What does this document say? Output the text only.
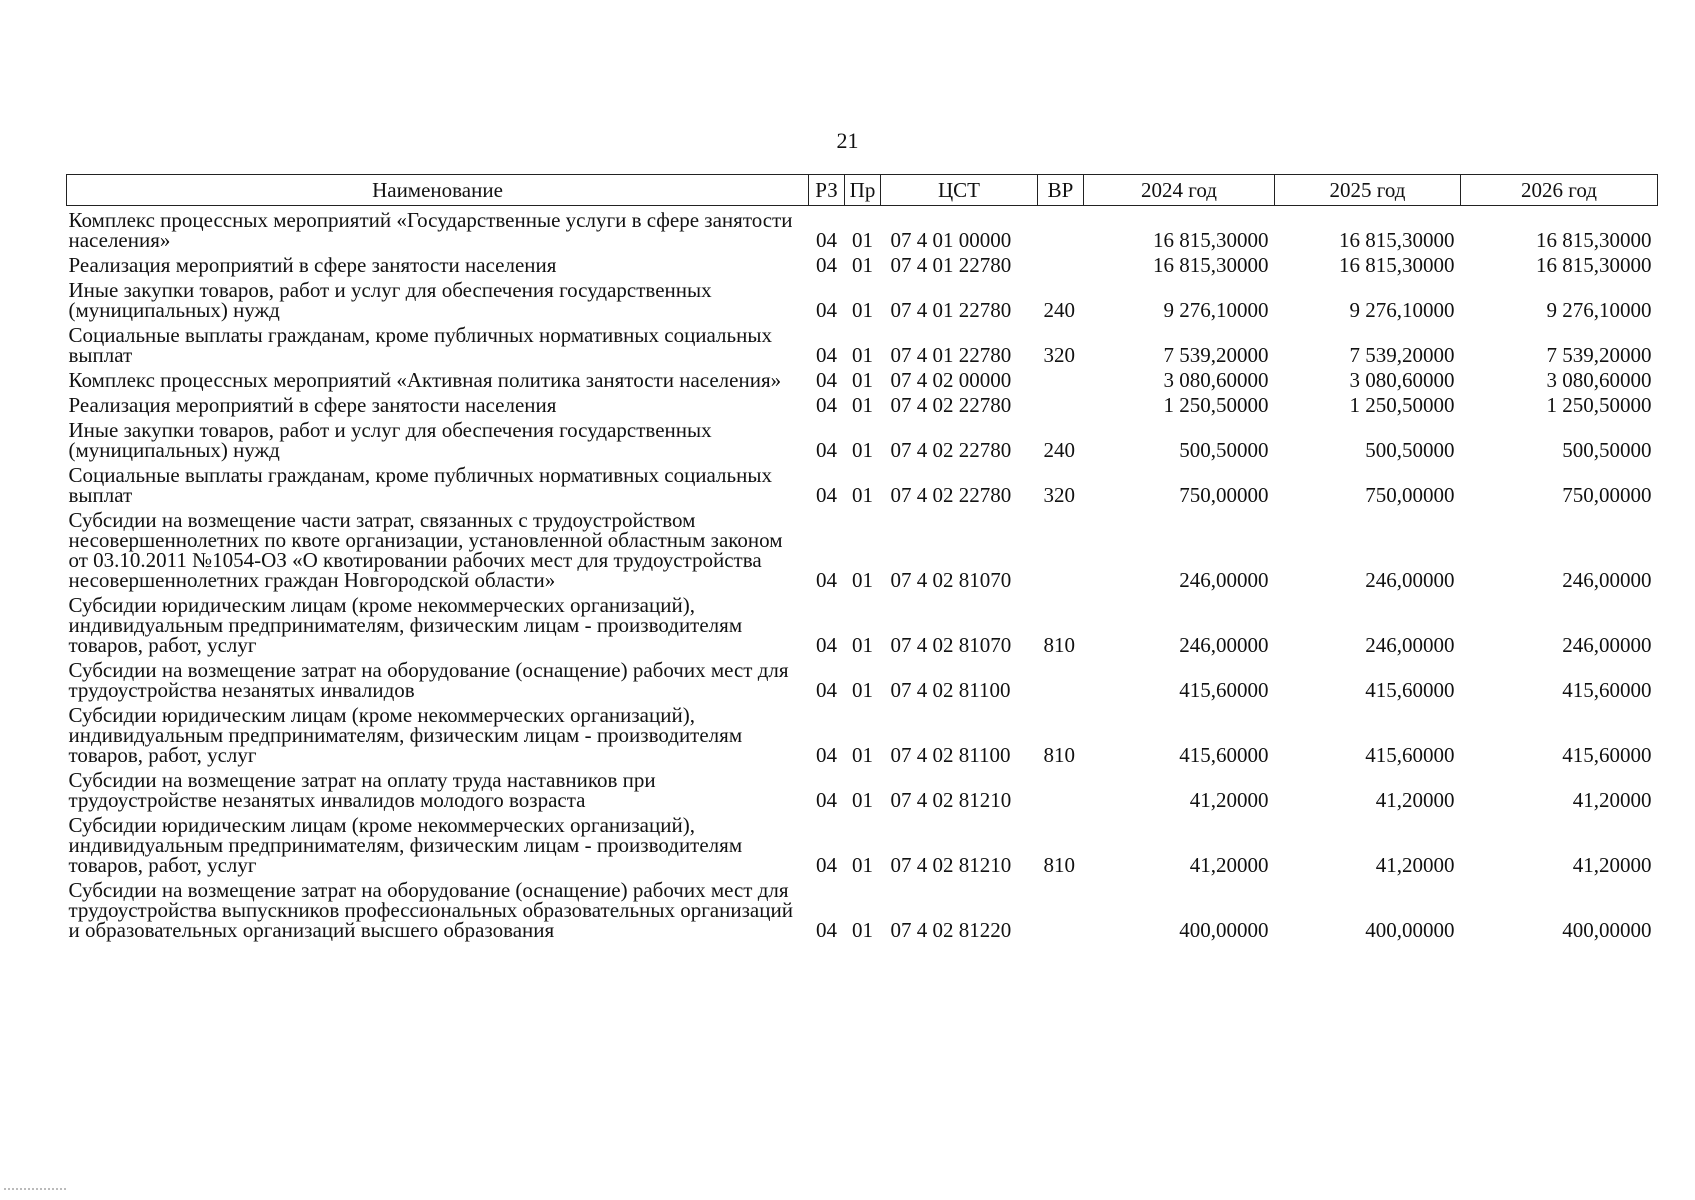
21
Наименование	РЗ	Пр	ЦСТ	ВР	2024 год	2025 год	2026 год
Комплекс процессных мероприятий «Государственные услуги в сфере занятости населения»	04	01	07 4 01 00000		16 815,30000	16 815,30000	16 815,30000
Реализация мероприятий в сфере занятости населения	04	01	07 4 01 22780		16 815,30000	16 815,30000	16 815,30000
Иные закупки товаров, работ и услуг для обеспечения государственных (муниципальных) нужд	04	01	07 4 01 22780	240	9 276,10000	9 276,10000	9 276,10000
Социальные выплаты гражданам, кроме публичных нормативных социальных выплат	04	01	07 4 01 22780	320	7 539,20000	7 539,20000	7 539,20000
Комплекс процессных мероприятий «Активная политика занятости населения»	04	01	07 4 02 00000		3 080,60000	3 080,60000	3 080,60000
Реализация мероприятий в сфере занятости населения	04	01	07 4 02 22780		1 250,50000	1 250,50000	1 250,50000
Иные закупки товаров, работ и услуг для обеспечения государственных (муниципальных) нужд	04	01	07 4 02 22780	240	500,50000	500,50000	500,50000
Социальные выплаты гражданам, кроме публичных нормативных социальных выплат	04	01	07 4 02 22780	320	750,00000	750,00000	750,00000
Субсидии на возмещение части затрат, связанных с трудоустройством несовершеннолетних по квоте организации, установленной областным законом от 03.10.2011 №1054-ОЗ «О квотировании рабочих мест для трудоустройства несовершеннолетних граждан Новгородской области»	04	01	07 4 02 81070		246,00000	246,00000	246,00000
Субсидии юридическим лицам (кроме некоммерческих организаций), индивидуальным предпринимателям, физическим лицам - производителям товаров, работ, услуг	04	01	07 4 02 81070	810	246,00000	246,00000	246,00000
Субсидии на возмещение затрат на оборудование (оснащение) рабочих мест для трудоустройства незанятых инвалидов	04	01	07 4 02 81100		415,60000	415,60000	415,60000
Субсидии юридическим лицам (кроме некоммерческих организаций), индивидуальным предпринимателям, физическим лицам - производителям товаров, работ, услуг	04	01	07 4 02 81100	810	415,60000	415,60000	415,60000
Субсидии на возмещение затрат на оплату труда наставников при трудоустройстве незанятых инвалидов молодого возраста	04	01	07 4 02 81210		41,20000	41,20000	41,20000
Субсидии юридическим лицам (кроме некоммерческих организаций), индивидуальным предпринимателям, физическим лицам - производителям товаров, работ, услуг	04	01	07 4 02 81210	810	41,20000	41,20000	41,20000
Субсидии на возмещение затрат на оборудование (оснащение) рабочих мест для трудоустройства выпускников профессиональных образовательных организаций и образовательных организаций высшего образования	04	01	07 4 02 81220		400,00000	400,00000	400,00000
